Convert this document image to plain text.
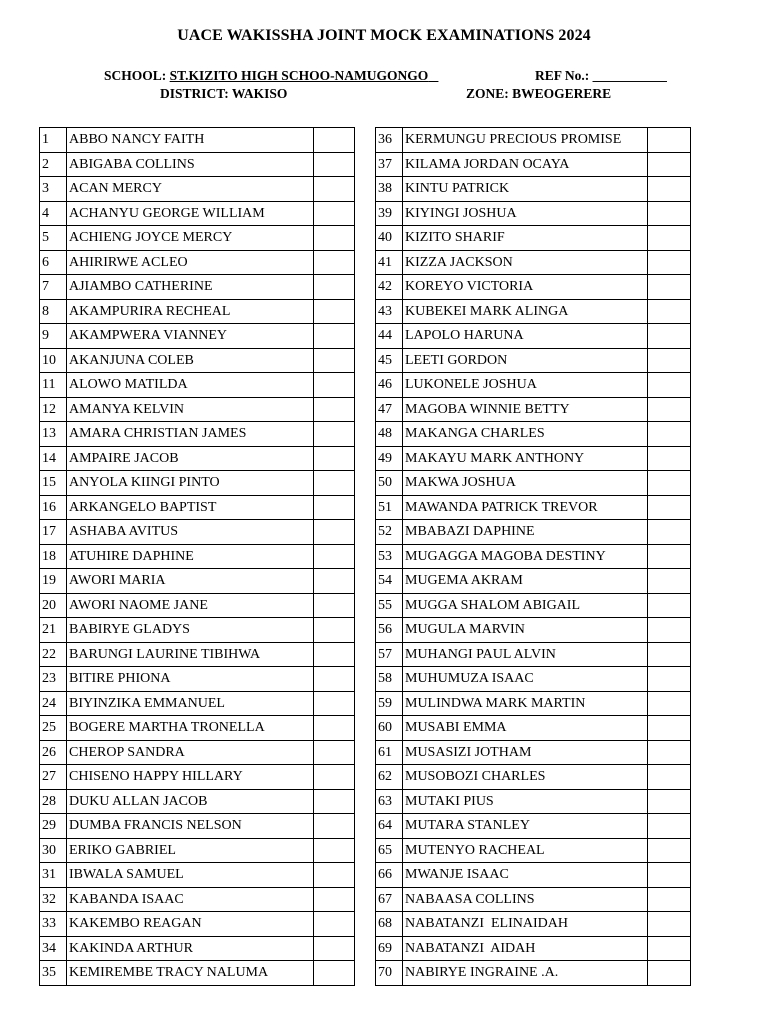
UACE WAKISSHA JOINT MOCK EXAMINATIONS 2024
SCHOOL: ST.KIZITO HIGH SCHOO-NAMUGONGO	REF No.: ___________
DISTRICT: WAKISO	ZONE: BWEOGERERE
1	ABBO NANCY FAITH	
2	ABIGABA COLLINS	
3	ACAN MERCY	
4	ACHANYU GEORGE WILLIAM	
5	ACHIENG JOYCE MERCY	
6	AHIRIRWE ACLEO	
7	AJIAMBO CATHERINE	
8	AKAMPURIRA RECHEAL	
9	AKAMPWERA VIANNEY	
10	AKANJUNA COLEB	
11	ALOWO MATILDA	
12	AMANYA KELVIN	
13	AMARA CHRISTIAN JAMES	
14	AMPAIRE JACOB	
15	ANYOLA KIINGI PINTO	
16	ARKANGELO BAPTIST	
17	ASHABA AVITUS	
18	ATUHIRE DAPHINE	
19	AWORI MARIA	
20	AWORI NAOME JANE	
21	BABIRYE GLADYS	
22	BARUNGI LAURINE TIBIHWA	
23	BITIRE PHIONA	
24	BIYINZIKA EMMANUEL	
25	BOGERE MARTHA TRONELLA	
26	CHEROP SANDRA	
27	CHISENO HAPPY HILLARY	
28	DUKU ALLAN JACOB	
29	DUMBA FRANCIS NELSON	
30	ERIKO GABRIEL	
31	IBWALA SAMUEL	
32	KABANDA ISAAC	
33	KAKEMBO REAGAN	
34	KAKINDA ARTHUR	
35	KEMIREMBE TRACY NALUMA	
36	KERMUNGU PRECIOUS PROMISE	
37	KILAMA JORDAN OCAYA	
38	KINTU PATRICK	
39	KIYINGI JOSHUA	
40	KIZITO SHARIF	
41	KIZZA JACKSON	
42	KOREYO VICTORIA	
43	KUBEKEI MARK ALINGA	
44	LAPOLO HARUNA	
45	LEETI GORDON	
46	LUKONELE JOSHUA	
47	MAGOBA WINNIE BETTY	
48	MAKANGA CHARLES	
49	MAKAYU MARK ANTHONY	
50	MAKWA JOSHUA	
51	MAWANDA PATRICK TREVOR	
52	MBABAZI DAPHINE	
53	MUGAGGA MAGOBA DESTINY	
54	MUGEMA AKRAM	
55	MUGGA SHALOM ABIGAIL	
56	MUGULA MARVIN	
57	MUHANGI PAUL ALVIN	
58	MUHUMUZA ISAAC	
59	MULINDWA MARK MARTIN	
60	MUSABI EMMA	
61	MUSASIZI JOTHAM	
62	MUSOBOZI CHARLES	
63	MUTAKI PIUS	
64	MUTARA STANLEY	
65	MUTENYO RACHEAL	
66	MWANJE ISAAC	
67	NABAASA COLLINS	
68	NABATANZI  ELINAIDAH	
69	NABATANZI  AIDAH	
70	NABIRYE INGRAINE .A.	
